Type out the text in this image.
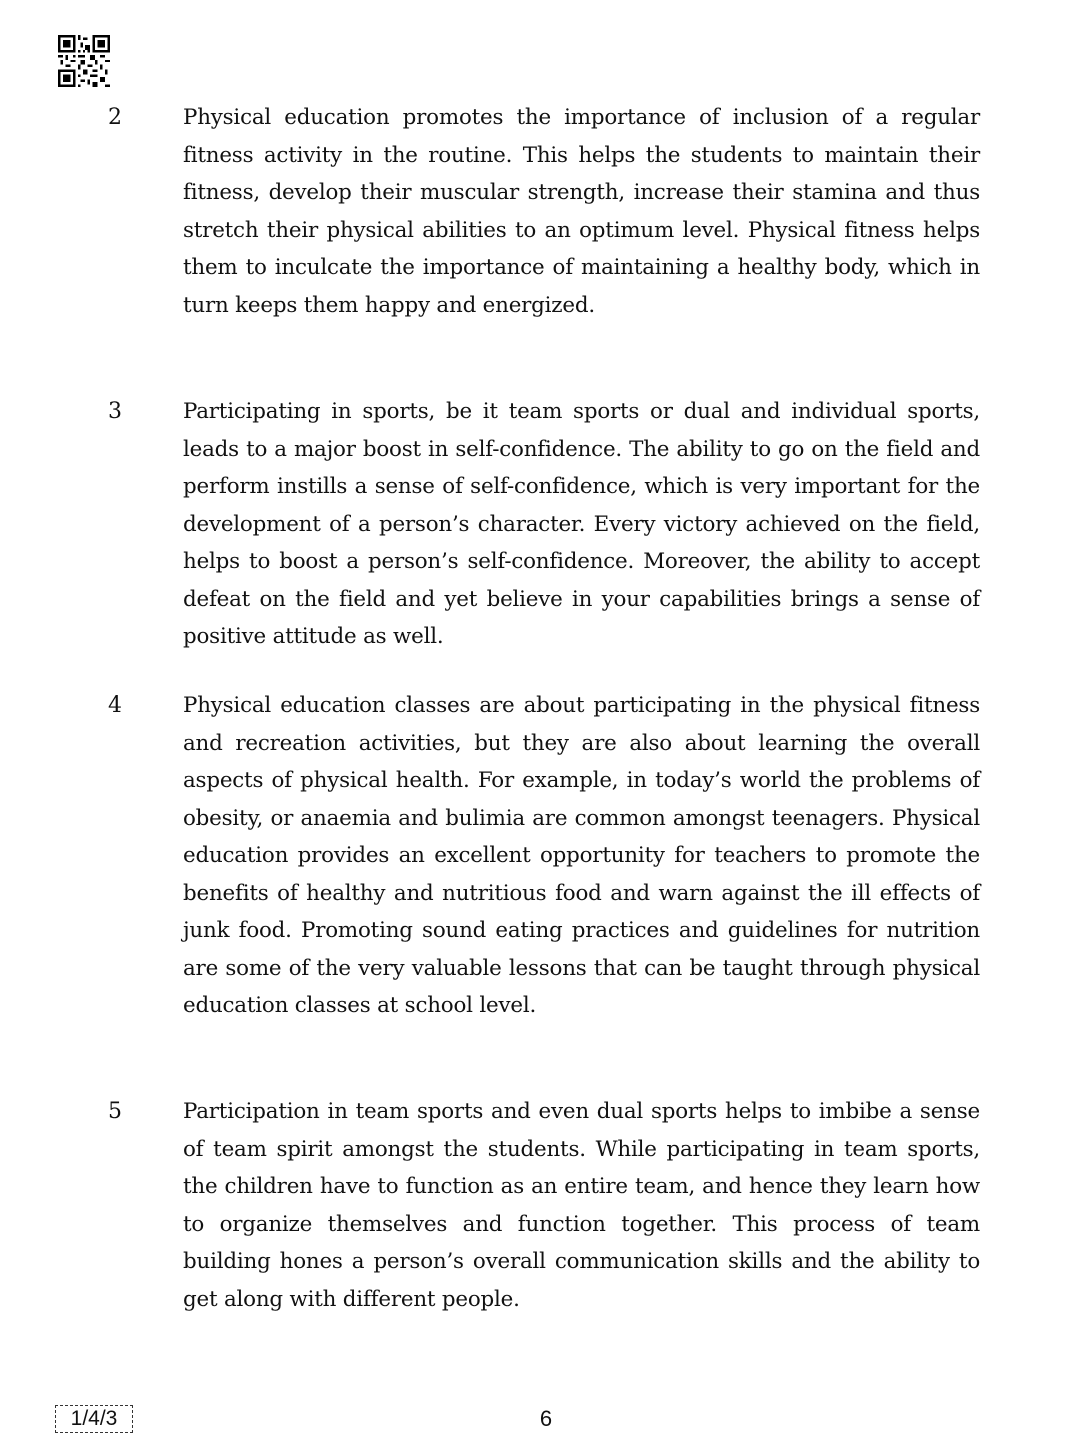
2	Physical education promotes the importance of inclusion of a regular fitness activity in the routine. This helps the students to maintain their fitness, develop their muscular strength, increase their stamina and thus stretch their physical abilities to an optimum level. Physical fitness helps them to inculcate the importance of maintaining a healthy body, which in turn keeps them happy and energized.

3	Participating in sports, be it team sports or dual and individual sports, leads to a major boost in self-confidence. The ability to go on the field and perform instills a sense of self-confidence, which is very important for the development of a person’s character. Every victory achieved on the field, helps to boost a person’s self-confidence. Moreover, the ability to accept defeat on the field and yet believe in your capabilities brings a sense of positive attitude as well.

4	Physical education classes are about participating in the physical fitness and recreation activities, but they are also about learning the overall aspects of physical health. For example, in today’s world the problems of obesity, or anaemia and bulimia are common amongst teenagers. Physical education provides an excellent opportunity for teachers to promote the benefits of healthy and nutritious food and warn against the ill effects of junk food. Promoting sound eating practices and guidelines for nutrition are some of the very valuable lessons that can be taught through physical education classes at school level.

5	Participation in team sports and even dual sports helps to imbibe a sense of team spirit amongst the students. While participating in team sports, the children have to function as an entire team, and hence they learn how to organize themselves and function together. This process of team building hones a person’s overall communication skills and the ability to get along with different people.

1/4/3	6
